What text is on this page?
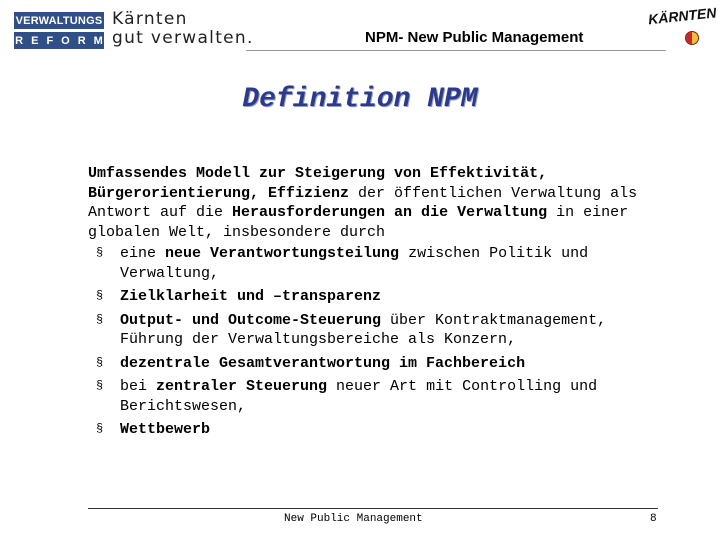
VERWALTUNGS
REFORM
Kärnten
gut verwalten.	NPM- New Public Management
KÄRNTEN
Definition NPM

Umfassendes Modell zur Steigerung von Effektivität, Bürgerorientierung, Effizienz der öffentlichen Verwaltung als Antwort auf die Herausforderungen an die Verwaltung in einer globalen Welt, insbesondere durch

§ eine neue Verantwortungsteilung zwischen Politik und Verwaltung,
§ Zielklarheit und –transparenz
§ Output- und Outcome-Steuerung über Kontraktmanagement, Führung der Verwaltungsbereiche als Konzern,
§ dezentrale Gesamtverantwortung im Fachbereich
§ bei zentraler Steuerung neuer Art mit Controlling und Berichtswesen,
§ Wettbewerb
New Public Management	8
